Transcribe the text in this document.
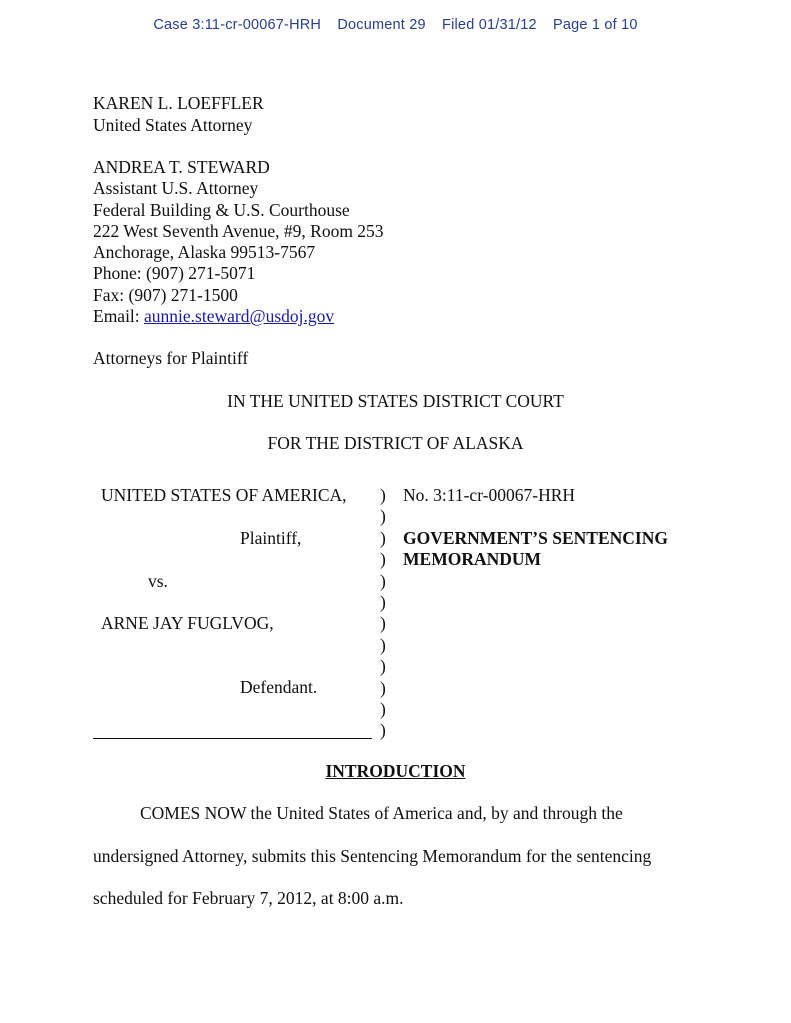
Case 3:11-cr-00067-HRH Document 29 Filed 01/31/12 Page 1 of 10
KAREN L. LOEFFLER
United States Attorney
ANDREA T. STEWARD
Assistant U.S. Attorney
Federal Building & U.S. Courthouse
222 West Seventh Avenue, #9, Room 253
Anchorage, Alaska 99513-7567
Phone: (907) 271-5071
Fax: (907) 271-1500
Email: aunnie.steward@usdoj.gov
Attorneys for Plaintiff
IN THE UNITED STATES DISTRICT COURT
FOR THE DISTRICT OF ALASKA
UNITED STATES OF AMERICA,
Plaintiff,
vs.
ARNE JAY FUGLVOG,
Defendant.
)
)
)
)
)
)
)
)
)
)
)
)
No. 3:11-cr-00067-HRH
GOVERNMENT’S SENTENCING
MEMORANDUM
INTRODUCTION
COMES NOW the United States of America and, by and through the
undersigned Attorney, submits this Sentencing Memorandum for the sentencing
scheduled for February 7, 2012, at 8:00 a.m.
